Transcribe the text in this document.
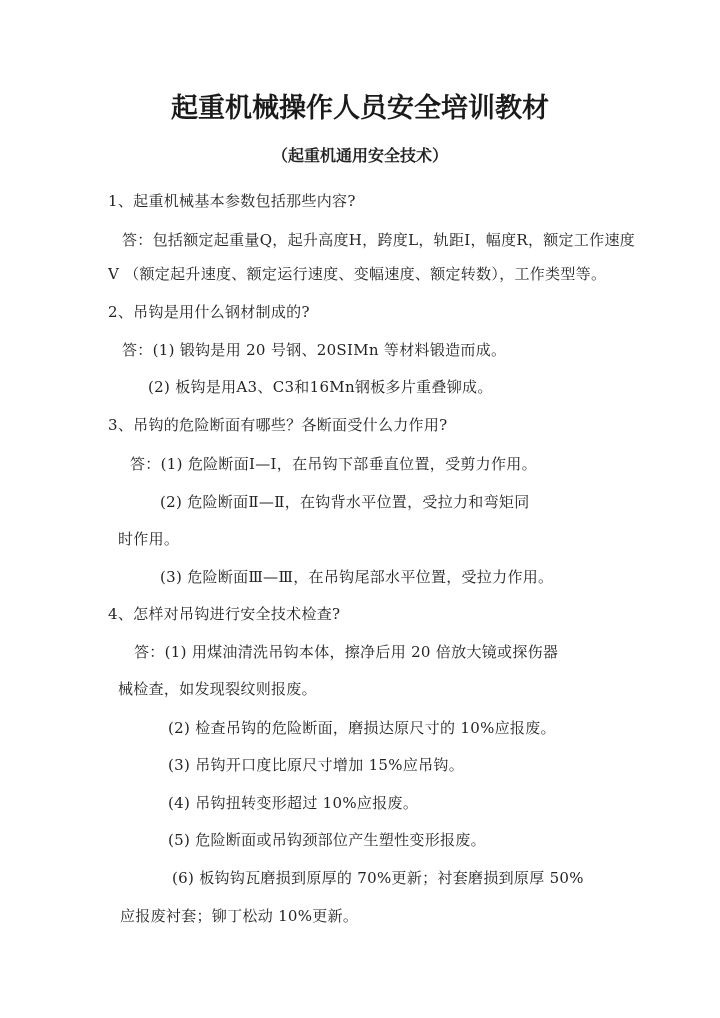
起重机械操作人员安全培训教材
（起重机通用安全技术）
1、起重机械基本参数包括那些内容?
答：包括额定起重量Q，起升高度H，跨度L，轨距I，幅度R，额定工作速度
V （额定起升速度、额定运行速度、变幅速度、额定转数），工作类型等。
2、吊钩是用什么钢材制成的?
答：(1) 锻钩是用 20 号钢、20SIMn 等材料锻造而成。
(2) 板钩是用A3、C3和16Mn钢板多片重叠铆成。
3、吊钩的危险断面有哪些？各断面受什么力作用?
答：(1) 危险断面Ⅰ—Ⅰ，在吊钩下部垂直位置，受剪力作用。
(2) 危险断面Ⅱ—Ⅱ，在钩背水平位置，受拉力和弯矩同
时作用。
(3) 危险断面Ⅲ—Ⅲ，在吊钩尾部水平位置，受拉力作用。
4、怎样对吊钩进行安全技术检查?
答：(1) 用煤油清洗吊钩本体，擦净后用 20 倍放大镜或探伤器
械检查，如发现裂纹则报废。
(2) 检查吊钩的危险断面，磨损达原尺寸的 10%应报废。
(3) 吊钩开口度比原尺寸增加 15%应吊钩。
(4) 吊钩扭转变形超过 10%应报废。
(5) 危险断面或吊钩颈部位产生塑性变形报废。
(6) 板钩钩瓦磨损到原厚的 70%更新；衬套磨损到原厚 50%
应报废衬套；铆丁松动 10%更新。
